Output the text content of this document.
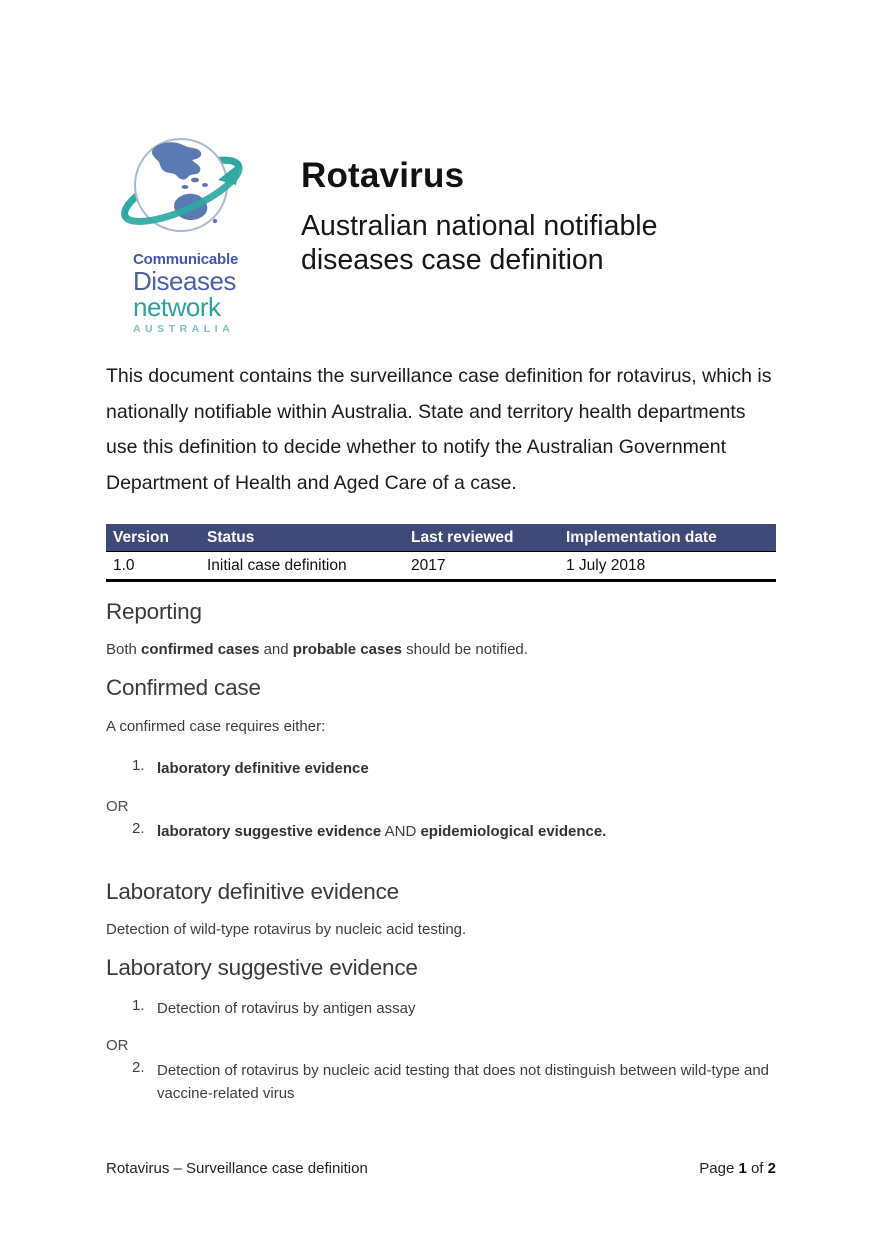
Communicable
Diseases
network
AUSTRALIA
Rotavirus
Australian national notifiable diseases case definition

This document contains the surveillance case definition for rotavirus, which is nationally notifiable within Australia. State and territory health departments use this definition to decide whether to notify the Australian Government Department of Health and Aged Care of a case.

Version	Status	Last reviewed	Implementation date
1.0	Initial case definition	2017	1 July 2018
Reporting

Both confirmed cases and probable cases should be notified.

Confirmed case

A confirmed case requires either:

1. laboratory definitive evidence
OR
2. laboratory suggestive evidence AND epidemiological evidence.
Laboratory definitive evidence

Detection of wild-type rotavirus by nucleic acid testing.

Laboratory suggestive evidence
1. Detection of rotavirus by antigen assay
OR
2. Detection of rotavirus by nucleic acid testing that does not distinguish between wild-type and vaccine-related virus
Rotavirus – Surveillance case definition	Page 1 of 2
